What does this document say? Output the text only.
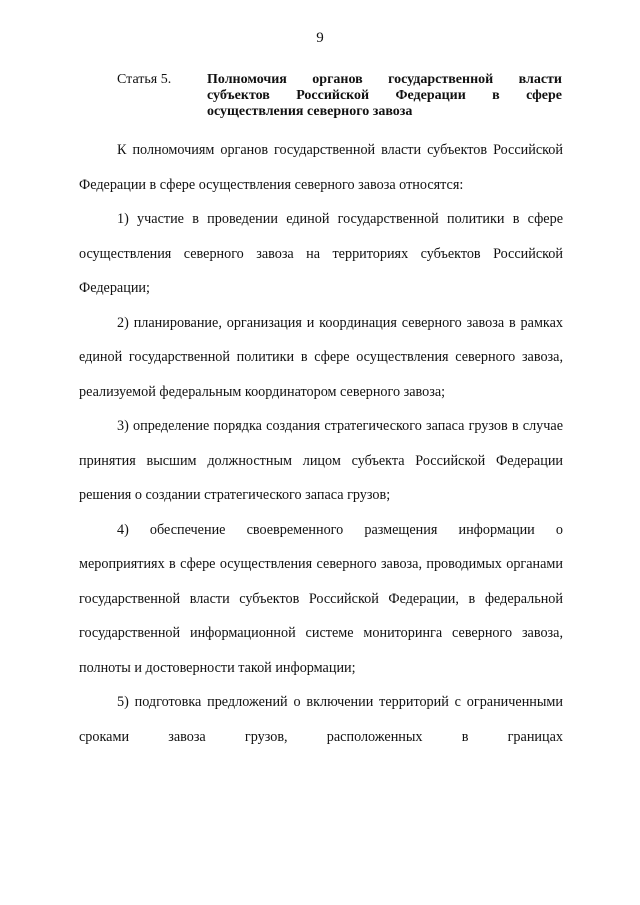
9
Статья 5.	Полномочия органов государственной власти субъектов Российской Федерации в сфере осуществления северного завоза

К полномочиям органов государственной власти субъектов Российской Федерации в сфере осуществления северного завоза относятся:

1) участие в проведении единой государственной политики в сфере осуществления северного завоза на территориях субъектов Российской Федерации;

2) планирование, организация и координация северного завоза в рамках единой государственной политики в сфере осуществления северного завоза, реализуемой федеральным координатором северного завоза;

3) определение порядка создания стратегического запаса грузов в случае принятия высшим должностным лицом субъекта Российской Федерации решения о создании стратегического запаса грузов;

4) обеспечение своевременного размещения информации о мероприятиях в сфере осуществления северного завоза, проводимых органами государственной власти субъектов Российской Федерации, в федеральной государственной информационной системе мониторинга северного завоза, полноты и достоверности такой информации;

5) подготовка предложений о включении территорий с ограниченными сроками завоза грузов, расположенных в границах
